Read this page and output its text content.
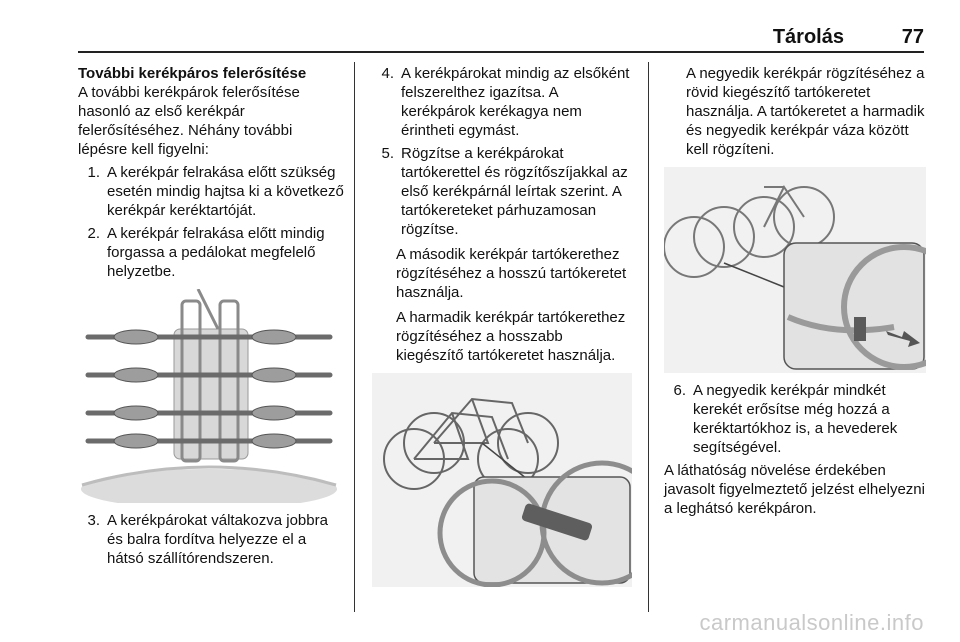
Tárolás	77
További kerékpáros felerősítése

A további kerékpárok felerősítése hasonló az első kerékpár felerősítéséhez. Néhány további lépésre kell figyelni:

1. A kerékpár felrakása előtt szükség esetén mindig hajtsa ki a következő kerékpár keréktartóját.
2. A kerékpár felrakása előtt mindig forgassa a pedálokat megfelelő helyzetbe.
3. A kerékpárokat váltakozva jobbra és balra fordítva helyezze el a hátsó szállítórendszeren.
4. A kerékpárokat mindig az elsőként felszerelthez igazítsa. A kerékpárok kerékagya nem érintheti egymást.
5. Rögzítse a kerékpárokat tartókerettel és rögzítőszíjakkal az első kerékpárnál leírtak szerint. A tartókereteket párhuzamosan rögzítse.

A második kerékpár tartókerethez rögzítéséhez a hosszú tartókeretet használja.

A harmadik kerékpár tartókerethez rögzítéséhez a hosszabb kiegészítő tartókeretet használja.

A negyedik kerékpár rögzítéséhez a rövid kiegészítő tartókeretet használja. A tartókeretet a harmadik és negyedik kerékpár váza között kell rögzíteni.

6. A negyedik kerékpár mindkét kerekét erősítse még hozzá a keréktartókhoz is, a hevederek segítségével.

A láthatóság növelése érdekében javasolt figyelmeztető jelzést elhelyezni a leghátsó kerékpáron.

carmanualsonline.info
